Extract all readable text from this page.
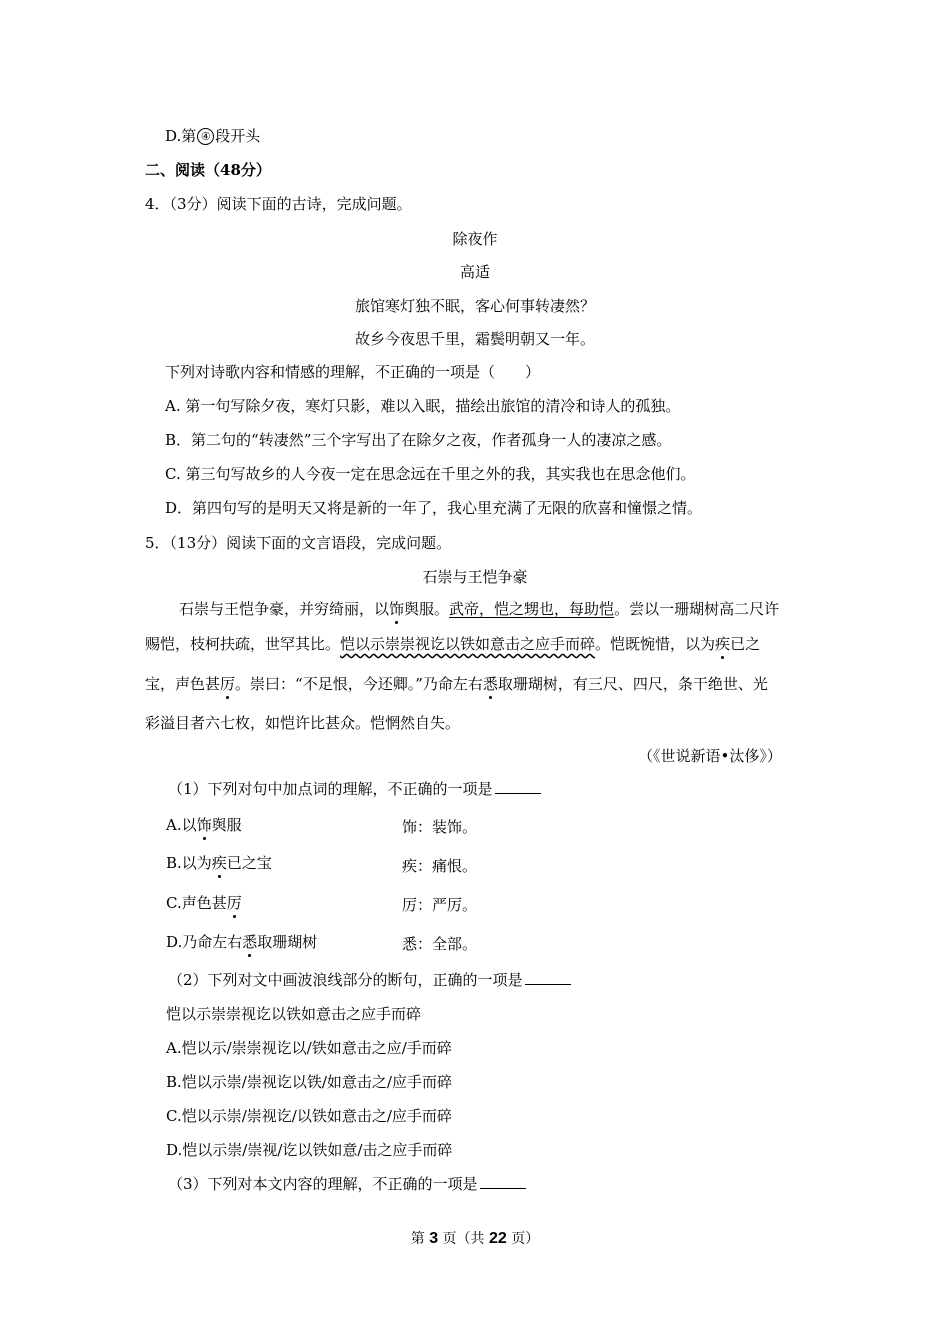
D.第 ④ 段开头
二、阅读（48分）
4．（3分）阅读下面的古诗，完成问题。
除夜作
高适
旅馆寒灯独不眠，客心何事转凄然？
故乡今夜思千里，霜鬓明朝又一年。
下列对诗歌内容和情感的理解，不正确的一项是（　　）
A. 第一句写除夕夜，寒灯只影，难以入眠，描绘出旅馆的清冷和诗人的孤独。
B．第二句的“转凄然”三个字写出了在除夕之夜，作者孤身一人的凄凉之感。
C. 第三句写故乡的人今夜一定在思念远在千里之外的我，其实我也在思念他们。
D．第四句写的是明天又将是新的一年了，我心里充满了无限的欣喜和憧憬之情。
5．（13分）阅读下面的文言语段，完成问题。
石崇与王恺争豪
石崇与王恺争豪，并穷绮丽，以饰舆服。武帝，恺之甥也，每助恺。尝以一珊瑚树高二尺许
赐恺，枝柯扶疏，世罕其比。恺以示崇崇视讫以铁如意击之应手而碎。恺既惋惜，以为疾已之
宝，声色甚厉。崇曰：“不足恨，今还卿。”乃命左右悉取珊瑚树，有三尺、四尺，条干绝世、光
彩溢目者六七枚，如恺许比甚众。恺惘然自失。
（《世说新语•汰侈》）
（1）下列对句中加点词的理解，不正确的一项是
A.以饰舆服	饰：装饰。
B.以为疾已之宝	疾：痛恨。
C.声色甚厉	厉：严厉。
D.乃命左右悉取珊瑚树	悉：全部。
（2）下列对文中画波浪线部分的断句，正确的一项是
恺以示崇崇视讫以铁如意击之应手而碎
A.恺以示/崇崇视讫以/铁如意击之应/手而碎
B.恺以示崇/崇视讫以铁/如意击之/应手而碎
C.恺以示崇/崇视讫/以铁如意击之/应手而碎
D.恺以示崇/崇视/讫以铁如意/击之应手而碎
（3）下列对本文内容的理解，不正确的一项是
第 3 页（共 22 页）
